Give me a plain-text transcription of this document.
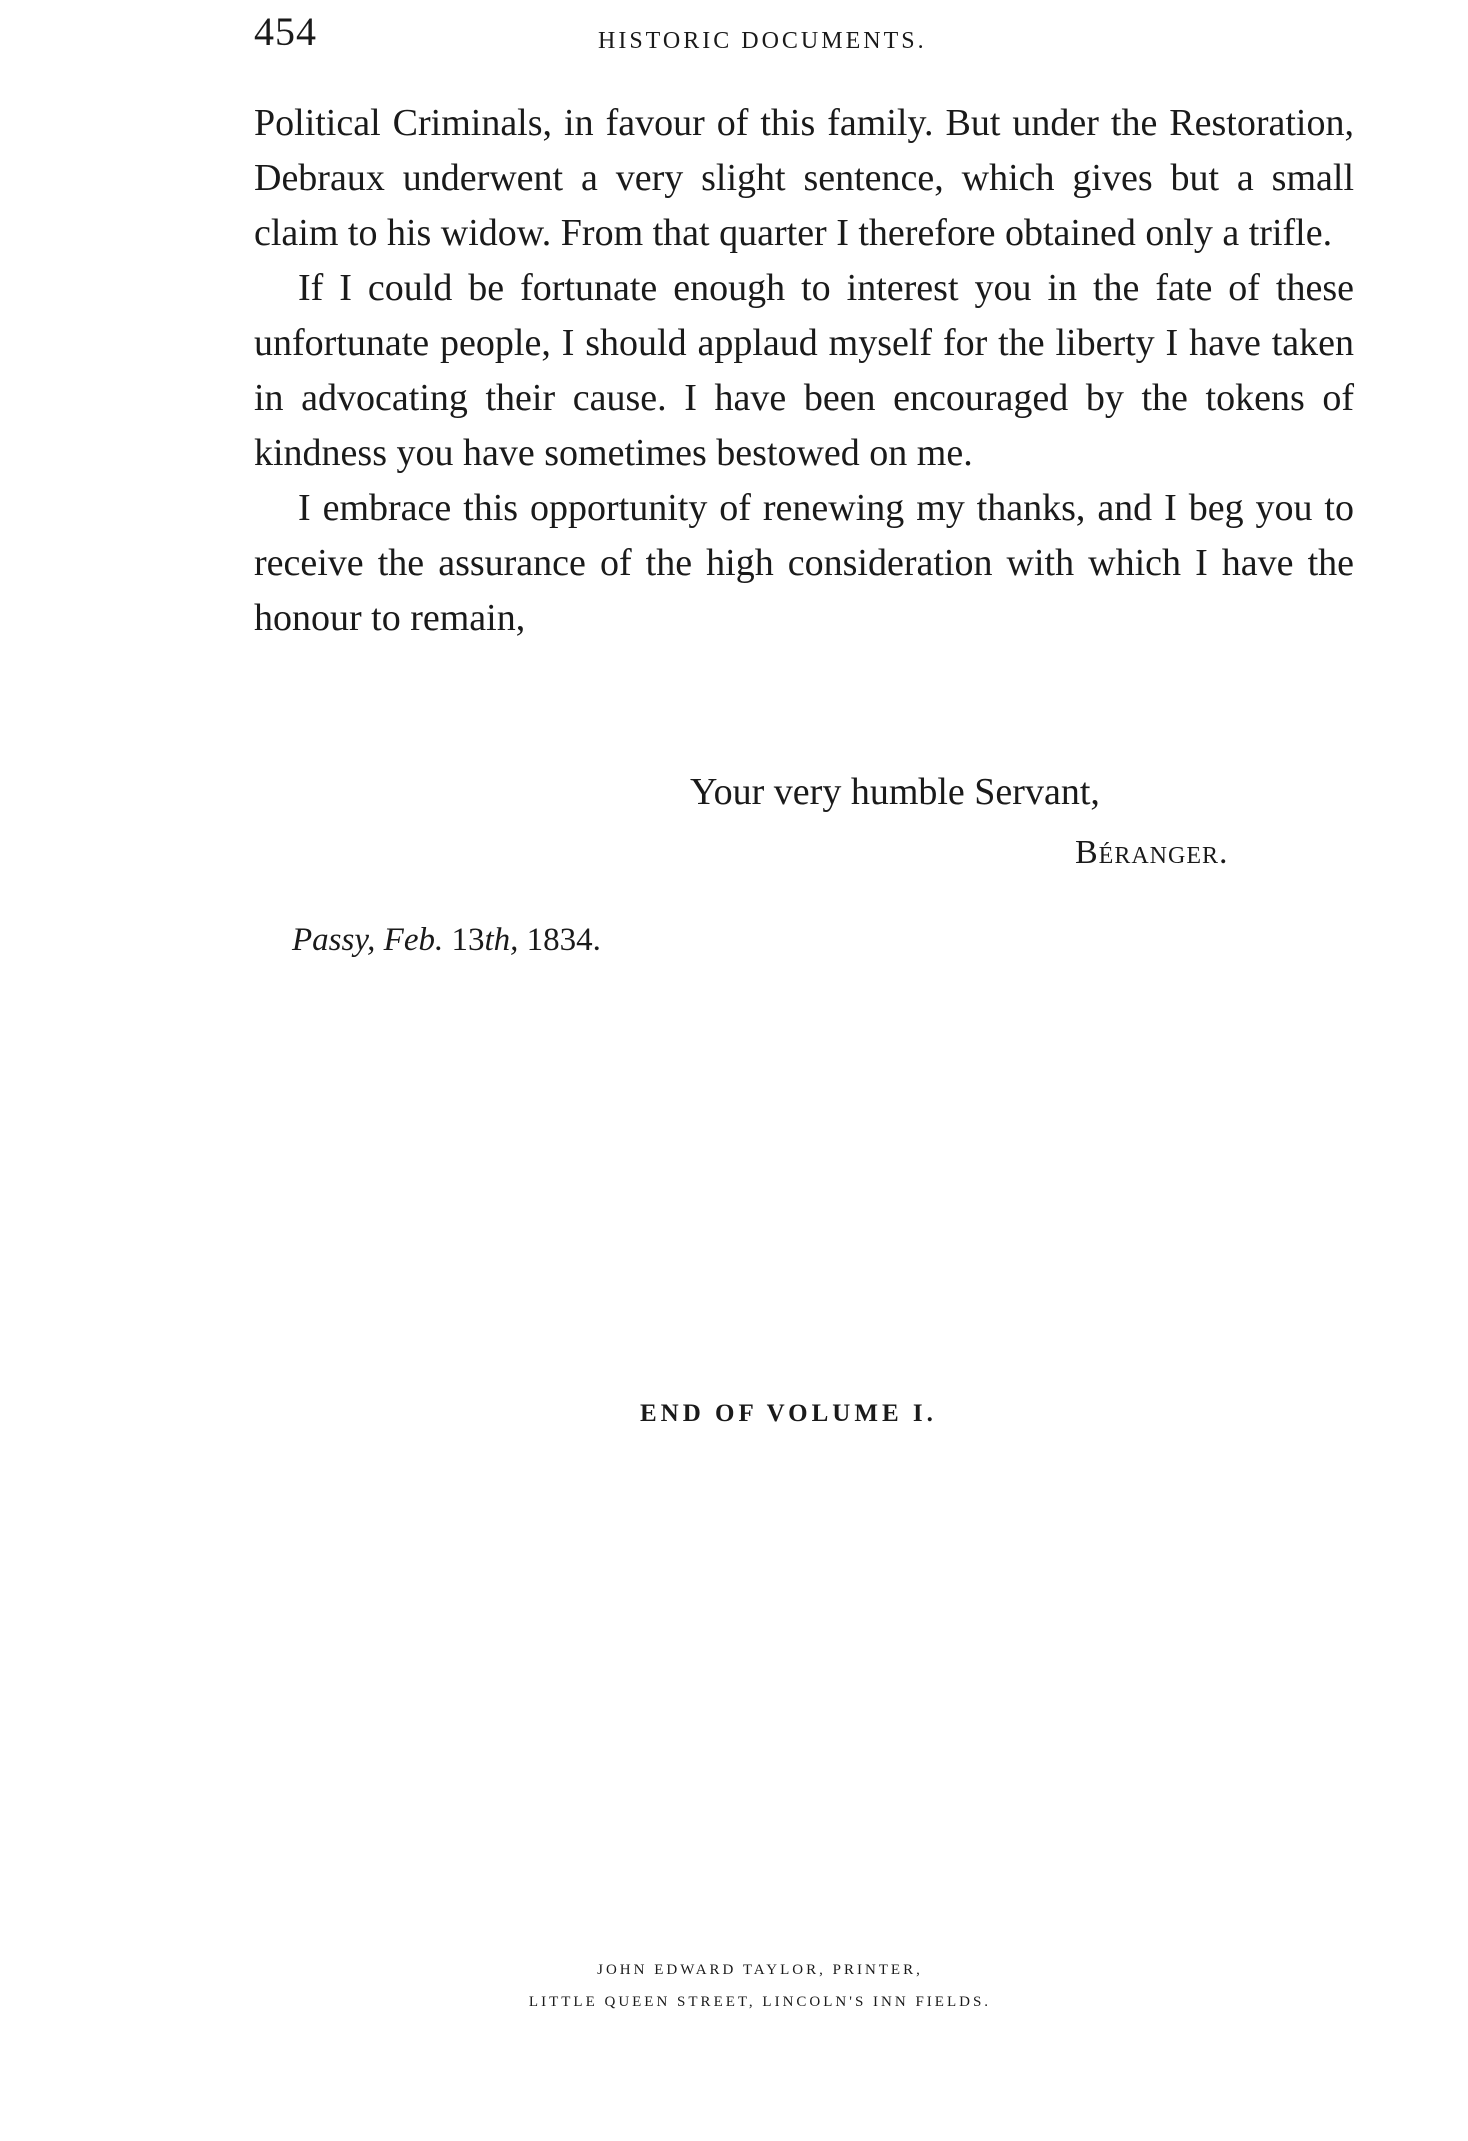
454	HISTORIC DOCUMENTS.

Political Criminals, in favour of this family. But under the Restoration, Debraux underwent a very slight sentence, which gives but a small claim to his widow. From that quarter I therefore obtained only a trifle.

If I could be fortunate enough to interest you in the fate of these unfortunate people, I should applaud myself for the liberty I have taken in advocating their cause. I have been encouraged by the tokens of kindness you have sometimes bestowed on me.

I embrace this opportunity of renewing my thanks, and I beg you to receive the assurance of the high consideration with which I have the honour to remain,

Your very humble Servant,
Béranger.
Passy, Feb. 13th, 1834.
END OF VOLUME I.
JOHN EDWARD TAYLOR, PRINTER,
LITTLE QUEEN STREET, LINCOLN'S INN FIELDS.
